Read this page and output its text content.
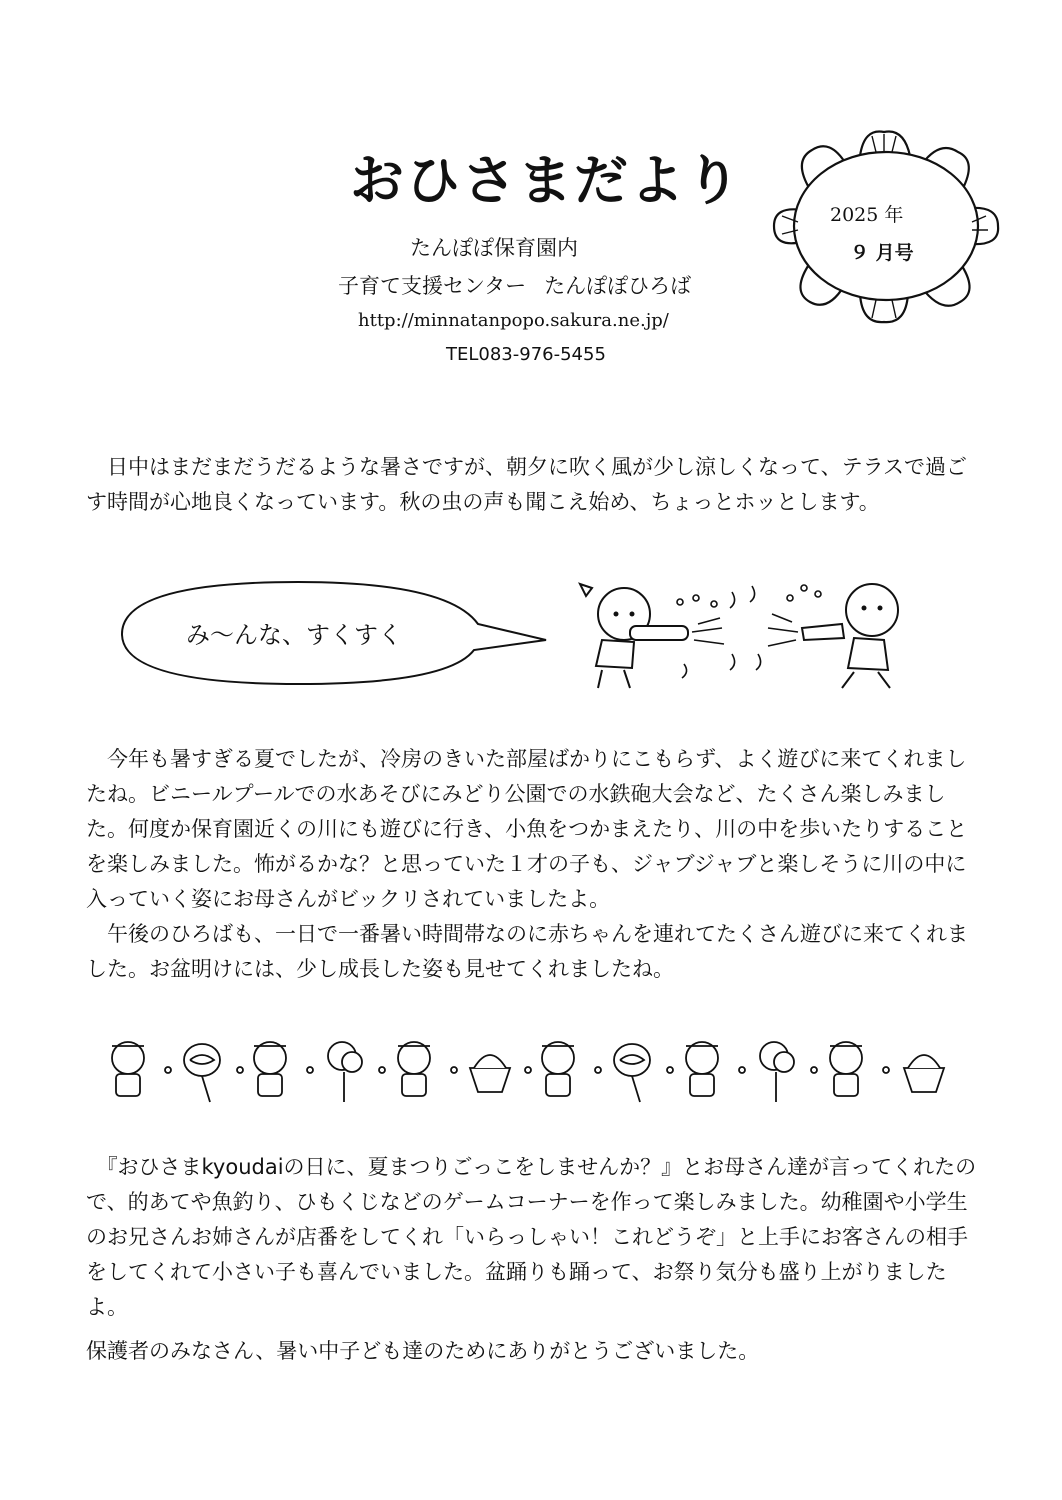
おひさまだより
たんぽぽ保育園内
子育て支援センター たんぽぽひろば
http://minnatanpopo.sakura.ne.jp/
TEL083-976-5455
2025 年
９ 月号

　日中はまだまだうだるような暑さですが、朝夕に吹く風が少し涼しくなって、テラスで過ごす時間が心地良くなっています。秋の虫の声も聞こえ始め、ちょっとホッとします。

み～んな、すくすく

　今年も暑すぎる夏でしたが、冷房のきいた部屋ばかりにこもらず、よく遊びに来てくれましたね。ビニールプールでの水あそびにみどり公園での水鉄砲大会など、たくさん楽しみました。何度か保育園近くの川にも遊びに行き、小魚をつかまえたり、川の中を歩いたりすることを楽しみました。怖がるかな？と思っていた１才の子も、ジャブジャブと楽しそうに川の中に入っていく姿にお母さんがビックリされていましたよ。

　午後のひろばも、一日で一番暑い時間帯なのに赤ちゃんを連れてたくさん遊びに来てくれました。お盆明けには、少し成長した姿も見せてくれましたね。

　『おひさまkyoudaiの日に、夏まつりごっこをしませんか？』とお母さん達が言ってくれたので、的あてや魚釣り、ひもくじなどのゲームコーナーを作って楽しみました。幼稚園や小学生のお兄さんお姉さんが店番をしてくれ「いらっしゃい！これどうぞ」と上手にお客さんの相手をしてくれて小さい子も喜んでいました。盆踊りも踊って、お祭り気分も盛り上がりましたよ。

保護者のみなさん、暑い中子ども達のためにありがとうございました。
